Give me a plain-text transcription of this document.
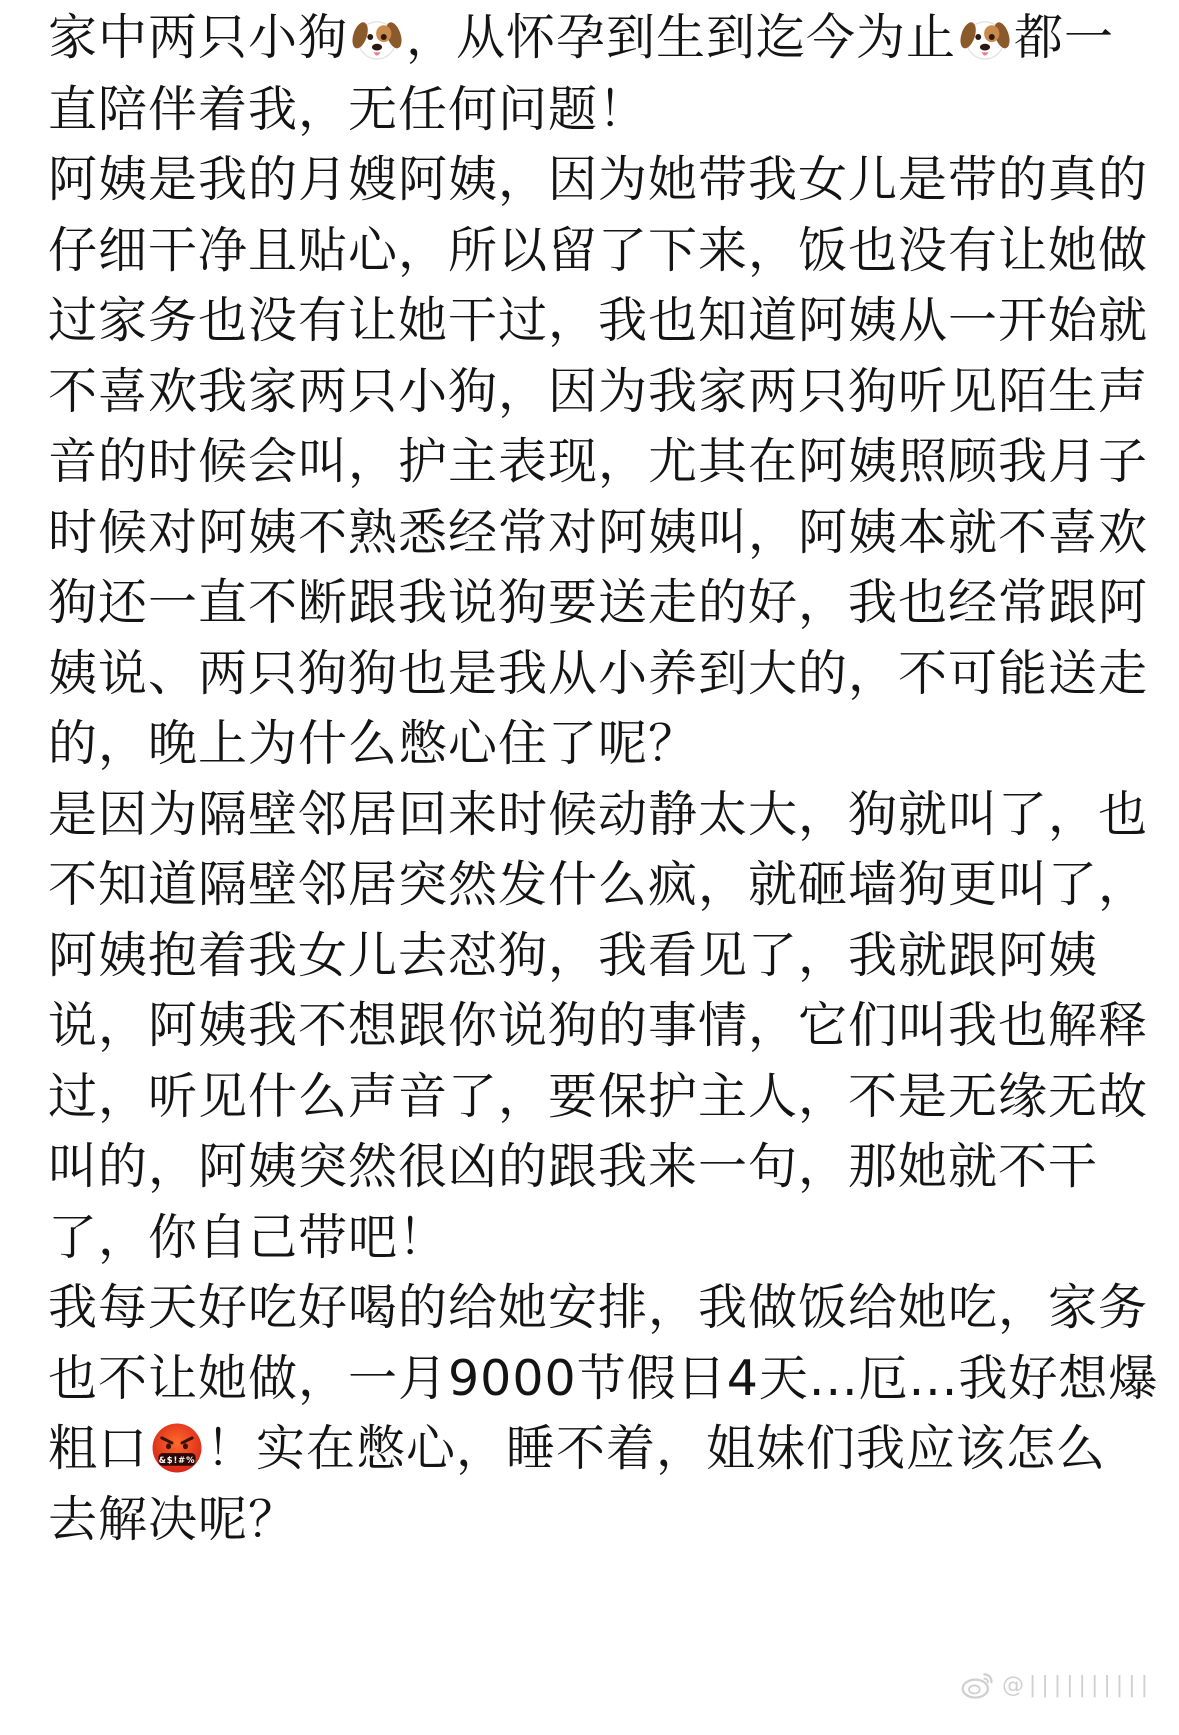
家中两只小狗 ，从怀孕到生到迄今为止 都一
直陪伴着我，无任何问题！
阿姨是我的月嫂阿姨，因为她带我女儿是带的真的
仔细干净且贴心，所以留了下来，饭也没有让她做
过家务也没有让她干过，我也知道阿姨从一开始就
不喜欢我家两只小狗，因为我家两只狗听见陌生声
音的时候会叫，护主表现，尤其在阿姨照顾我月子
时候对阿姨不熟悉经常对阿姨叫，阿姨本就不喜欢
狗还一直不断跟我说狗要送走的好，我也经常跟阿
姨说、两只狗狗也是我从小养到大的，不可能送走
的，晚上为什么憋心住了呢？
是因为隔壁邻居回来时候动静太大，狗就叫了，也
不知道隔壁邻居突然发什么疯，就砸墙狗更叫了，
阿姨抱着我女儿去怼狗，我看见了，我就跟阿姨
说，阿姨我不想跟你说狗的事情，它们叫我也解释
过，听见什么声音了，要保护主人，不是无缘无故
叫的，阿姨突然很凶的跟我来一句，那她就不干
了，你自己带吧！
我每天好吃好喝的给她安排，我做饭给她吃，家务
也不让她做，一月9000节假日4天...厄...我好想爆
粗口 &$!#% ！实在憋心，睡不着，姐妹们我应该怎么
去解决呢？
@ | | | | | | | | | |
